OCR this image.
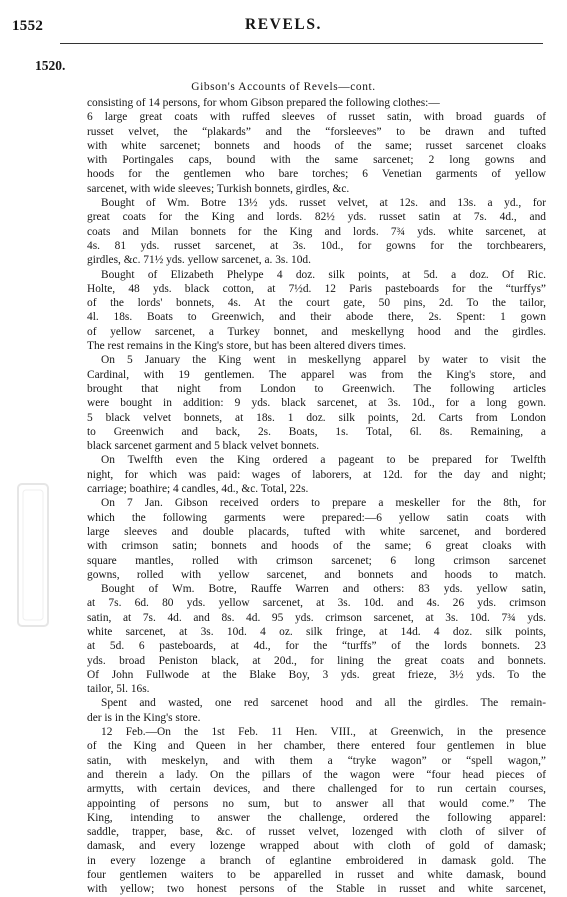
1552	REVELS.
1520.
Gibson's Accounts of Revels—cont.
consisting of 14 persons, for whom Gibson prepared the following clothes:—
6 large great coats with ruffed sleeves of russet satin, with broad guards of
russet velvet, the “plakards” and the “forsleeves” to be drawn and tufted
with white sarcenet; bonnets and hoods of the same; russet sarcenet cloaks
with Portingales caps, bound with the same sarcenet; 2 long gowns and
hoods for the gentlemen who bare torches; 6 Venetian garments of yellow
sarcenet, with wide sleeves; Turkish bonnets, girdles, &c.
Bought of Wm. Botre 13½ yds. russet velvet, at 12s. and 13s. a yd., for
great coats for the King and lords. 82½ yds. russet satin at 7s. 4d., and
coats and Milan bonnets for the King and lords. 7¾ yds. white sarcenet, at
4s. 81 yds. russet sarcenet, at 3s. 10d., for gowns for the torchbearers,
girdles, &c. 71½ yds. yellow sarcenet, a. 3s. 10d.
Bought of Elizabeth Phelype 4 doz. silk points, at 5d. a doz. Of Ric.
Holte, 48 yds. black cotton, at 7½d. 12 Paris pasteboards for the “turffys”
of the lords' bonnets, 4s. At the court gate, 50 pins, 2d. To the tailor,
4l. 18s. Boats to Greenwich, and their abode there, 2s. Spent: 1 gown
of yellow sarcenet, a Turkey bonnet, and meskellyng hood and the girdles.
The rest remains in the King's store, but has been altered divers times.
On 5 January the King went in meskellyng apparel by water to visit the
Cardinal, with 19 gentlemen. The apparel was from the King's store, and
brought that night from London to Greenwich. The following articles
were bought in addition: 9 yds. black sarcenet, at 3s. 10d., for a long gown.
5 black velvet bonnets, at 18s. 1 doz. silk points, 2d. Carts from London
to Greenwich and back, 2s. Boats, 1s. Total, 6l. 8s. Remaining, a
black sarcenet garment and 5 black velvet bonnets.
On Twelfth even the King ordered a pageant to be prepared for Twelfth
night, for which was paid: wages of laborers, at 12d. for the day and night;
carriage; boathire; 4 candles, 4d., &c. Total, 22s.
On 7 Jan. Gibson received orders to prepare a meskeller for the 8th, for
which the following garments were prepared:—6 yellow satin coats with
large sleeves and double placards, tufted with white sarcenet, and bordered
with crimson satin; bonnets and hoods of the same; 6 great cloaks with
square mantles, rolled with crimson sarcenet; 6 long crimson sarcenet
gowns, rolled with yellow sarcenet, and bonnets and hoods to match.
Bought of Wm. Botre, Rauffe Warren and others: 83 yds. yellow satin,
at 7s. 6d. 80 yds. yellow sarcenet, at 3s. 10d. and 4s. 26 yds. crimson
satin, at 7s. 4d. and 8s. 4d. 95 yds. crimson sarcenet, at 3s. 10d. 7¾ yds.
white sarcenet, at 3s. 10d. 4 oz. silk fringe, at 14d. 4 doz. silk points,
at 5d. 6 pasteboards, at 4d., for the “turffs” of the lords bonnets. 23
yds. broad Peniston black, at 20d., for lining the great coats and bonnets.
Of John Fullwode at the Blake Boy, 3 yds. great frieze, 3½ yds. To the
tailor, 5l. 16s.
Spent and wasted, one red sarcenet hood and all the girdles. The remain-
der is in the King's store.
12 Feb.—On the 1st Feb. 11 Hen. VIII., at Greenwich, in the presence
of the King and Queen in her chamber, there entered four gentlemen in blue
satin, with meskelyn, and with them a “tryke wagon” or “spell wagon,”
and therein a lady. On the pillars of the wagon were “four head pieces of
armytts, with certain devices, and there challenged for to run certain courses,
appointing of persons no sum, but to answer all that would come.” The
King, intending to answer the challenge, ordered the following apparel:
saddle, trapper, base, &c. of russet velvet, lozenged with cloth of silver of
damask, and every lozenge wrapped about with cloth of gold of damask;
in every lozenge a branch of eglantine embroidered in damask gold. The
four gentlemen waiters to be apparelled in russet and white damask, bound
with yellow; two honest persons of the Stable in russet and white sarcenet,
